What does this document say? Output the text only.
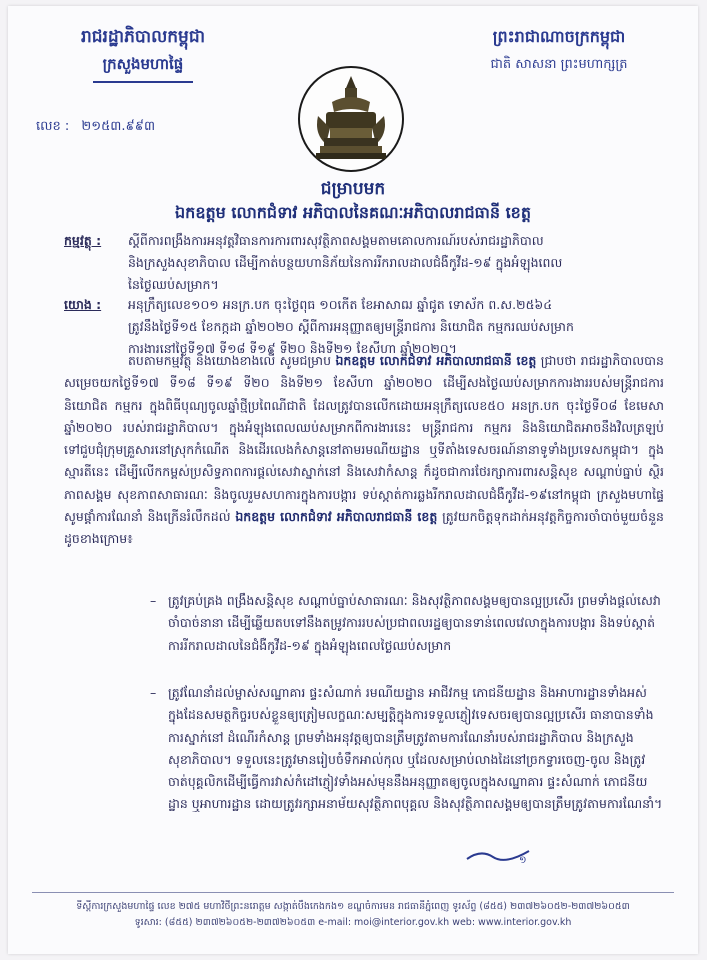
រាជរដ្ឋាភិបាលកម្ពុជា
ក្រសួងមហាផ្ទៃ
លេខ : ២១៥៣.៩៩៣
ព្រះរាជាណាចក្រកម្ពុជា
ជាតិ សាសនា ព្រះមហាក្សត្រ
ជម្រាបមក
ឯកឧត្តម លោកជំទាវ អភិបាលនៃគណៈអភិបាលរាជធានី ខេត្ត
កម្មវត្ថុ :	ស្តីពីការពង្រឹងការអនុវត្តវិធានការការពារសុវត្ថិភាពសង្គមតាមគោលការណ៍របស់រាជរដ្ឋាភិបាល
និងក្រសួងសុខាភិបាល ដើម្បីកាត់បន្ថយហានិភ័យនៃការរីករាលដាលជំងឺកូវីដ-១៩ ក្នុងអំឡុងពេល
នៃថ្ងៃឈប់សម្រាក។
យោង :	អនុក្រឹត្យលេខ១០១ អនក្រ.បក ចុះថ្ងៃពុធ ១០កើត ខែអាសាឍ ឆ្នាំជូត ទោស័ក ព.ស.២៥៦៤
ត្រូវនឹងថ្ងៃទី១៥ ខែកក្កដា ឆ្នាំ២០២០ ស្តីពីការអនុញ្ញាតឲ្យមន្ត្រីរាជការ និយោជិត កម្មករឈប់សម្រាក
ការងារនៅថ្ងៃទី១៧ ទី១៨ ទី១៩ ទី២០ និងទី២១ ខែសីហា ឆ្នាំ២០២០។
តបតាមកម្មវត្ថុ និងយោងខាងលើ សូមជម្រាប ឯកឧត្តម លោកជំទាវ អភិបាលរាជធានី ខេត្ត ជ្រាបថា រាជរដ្ឋាភិបាលបានសម្រេចយកថ្ងៃទី១៧ ទី១៨ ទី១៩ ទី២០ និងទី២១ ខែសីហា ឆ្នាំ២០២០ ដើម្បីសងថ្ងៃឈប់សម្រាកការងាររបស់មន្ត្រីរាជការ និយោជិត កម្មករ ក្នុងពិធីបុណ្យចូលឆ្នាំថ្មីប្រពៃណីជាតិ ដែលត្រូវបានលើកដោយអនុក្រឹត្យលេខ៥០ អនក្រ.បក ចុះថ្ងៃទី០៨ ខែមេសា ឆ្នាំ២០២០ របស់រាជរដ្ឋាភិបាល។ ក្នុងអំឡុងពេលឈប់សម្រាកពីការងារនេះ មន្ត្រីរាជការ កម្មករ និងនិយោជិតអាចនឹងវិលត្រឡប់ទៅជួបជុំក្រុមគ្រួសារនៅស្រុកកំណើត និងដើរលេងកំសាន្តនៅតាមរមណីយដ្ឋាន ឬទីតាំងទេសចរណ៍នានាទូទាំងប្រទេសកម្ពុជា។ ក្នុងស្មារតីនេះ ដើម្បីលើកកម្ពស់ប្រសិទ្ធភាពការផ្តល់សេវាស្នាក់នៅ និងសេវាកំសាន្ត ក៏ដូចជាការថែរក្សាការពារសន្តិសុខ សណ្តាប់ធ្នាប់ ស្ថិរភាពសង្គម សុខភាពសាធារណៈ និងចូលរួមសហការក្នុងការបង្ការ ទប់ស្កាត់ការឆ្លងរីករាលដាលជំងឺកូវីដ-១៩នៅកម្ពុជា ក្រសួងមហាផ្ទៃសូមផ្តាំការណែនាំ និងក្រើនរំលឹកដល់ ឯកឧត្តម លោកជំទាវ អភិបាលរាជធានី ខេត្ត ត្រូវយកចិត្តទុកដាក់អនុវត្តកិច្ចការចាំបាច់មួយចំនួនដូចខាងក្រោម៖
– ត្រូវគ្រប់គ្រង ពង្រឹងសន្តិសុខ សណ្តាប់ធ្នាប់សាធារណៈ និងសុវត្ថិភាពសង្គមឲ្យបានល្អប្រសើរ ព្រមទាំងផ្តល់សេវាចាំបាច់នានា ដើម្បីឆ្លើយតបទៅនឹងតម្រូវការរបស់ប្រជាពលរដ្ឋឲ្យបានទាន់ពេលវេលាក្នុងការបង្ការ និងទប់ស្កាត់ការរីករាលដាលនៃជំងឺកូវីដ-១៩ ក្នុងអំឡុងពេលថ្ងៃឈប់សម្រាក
– ត្រូវណែនាំដល់ម្ចាស់សណ្ឋាគារ ផ្ទះសំណាក់ រមណីយដ្ឋាន អាជីវកម្ម ភោជនីយដ្ឋាន និងអាហារដ្ឋានទាំងអស់ក្នុងដែនសមត្ថកិច្ចរបស់ខ្លួនឲ្យត្រៀមលក្ខណៈសម្បត្តិក្នុងការទទួលភ្ញៀវទេសចរឲ្យបានល្អប្រសើរ ធានាបានទាំងការស្នាក់នៅ ដំណើរកំសាន្ត ព្រមទាំងអនុវត្តឲ្យបានត្រឹមត្រូវតាមការណែនាំរបស់រាជរដ្ឋាភិបាល និងក្រសួងសុខាភិបាល។ ទទួលនេះត្រូវមានរៀបចំទឹកអាល់កុល ឬដែលសម្រាប់លាងដៃនៅច្រកទ្វារចេញ-ចូល និងត្រូវចាត់បុគ្គលិកដើម្បីធ្វើការវាស់កំដៅភ្ញៀវទាំងអស់មុននឹងអនុញ្ញាតឲ្យចូលក្នុងសណ្ឋាគារ ផ្ទះសំណាក់ ភោជនីយដ្ឋាន ឬអាហារដ្ឋាន ដោយត្រូវរក្សាអនាម័យសុវត្ថិភាពបុគ្គល និងសុវត្ថិភាពសង្គមឲ្យបានត្រឹមត្រូវតាមការណែនាំ។
១
ទីស្តីការក្រសួងមហាផ្ទៃ លេខ ២៧៥ មហាវិថីព្រះនរោត្តម សង្កាត់បឹងកេងកង១ ខណ្ឌចំការមន រាជធានីភ្នំពេញ ទូរស័ព្ទ (៨៥៥) ២៣៧២៦០៥២-២៣៧២៦០៥៣
ទូរសារ: (៨៥៥) ២៣៧២៦០៥២-២៣៧២៦០៥៣ e-mail: moi@interior.gov.kh web: www.interior.gov.kh
